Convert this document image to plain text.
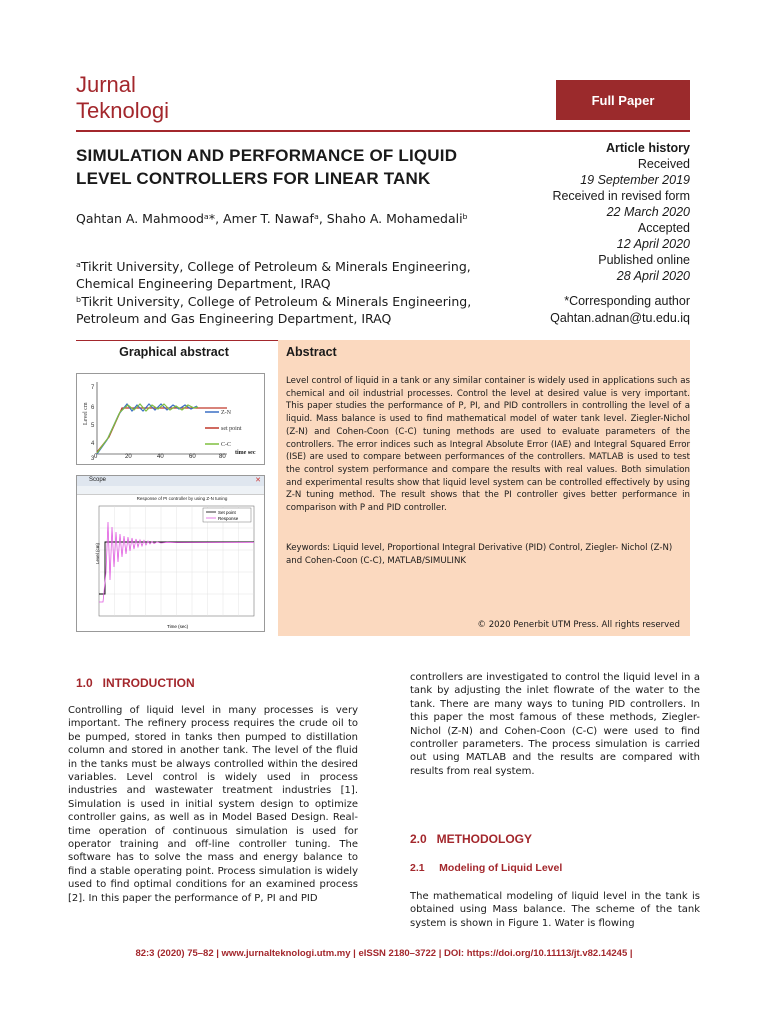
Jurnal
Teknologi	Full Paper
SIMULATION AND PERFORMANCE OF LIQUID LEVEL CONTROLLERS FOR LINEAR TANK
Qahtan A. Mahmoodᵃ*, Amer T. Nawafᵃ, Shaho A. Mohamedaliᵇ
ᵃTikrit University, College of Petroleum & Minerals Engineering, Chemical Engineering Department, IRAQ
ᵇTikrit University, College of Petroleum & Minerals Engineering, Petroleum and Gas Engineering Department, IRAQ
Article history
Received
19 September 2019
Received in revised form
22 March 2020
Accepted
12 April 2020
Published online
28 April 2020
*Corresponding author
Qahtan.adnan@tu.edu.iq
Graphical abstract
7
6
5
4
3
Level cm	Z-N
set point
C-C
0	20	40	60	80
time sec
Scope	✕
Response of PI controller by using Z-N tuning
Set point
Response
Level (cm)
Time (sec)
Abstract
Level control of liquid in a tank or any similar container is widely used in applications such as chemical and oil industrial processes. Control the level at desired value is very important. This paper studies the performance of P, PI, and PID controllers in controlling the level of a liquid. Mass balance is used to find mathematical model of water tank level. Ziegler-Nichol (Z-N) and Cohen-Coon (C-C) tuning methods are used to evaluate parameters of the controllers. The error indices such as Integral Absolute Error (IAE) and Integral Squared Error (ISE) are used to compare between performances of the controllers. MATLAB is used to test the control system performance and compare the results with real values. Both simulation and experimental results show that liquid level system can be controlled effectively by using Z-N tuning method. The result shows that the PI controller gives better performance in comparison with P and PID controller.
Keywords: Liquid level, Proportional Integral Derivative (PID) Control, Ziegler- Nichol (Z-N) and Cohen-Coon (C-C), MATLAB/SIMULINK
© 2020 Penerbit UTM Press. All rights reserved
1.0   INTRODUCTION
Controlling of liquid level in many processes is very important. The refinery process requires the crude oil to be pumped, stored in tanks then pumped to distillation column and stored in another tank. The level of the fluid in the tanks must be always controlled within the desired variables. Level control is widely used in process industries and wastewater treatment industries [1]. Simulation is used in initial system design to optimize controller gains, as well as in Model Based Design. Real-time operation of continuous simulation is used for operator training and off-line controller tuning. The software has to solve the mass and energy balance to find a stable operating point. Process simulation is widely used to find optimal conditions for an examined process [2]. In this paper the performance of P, PI and PID
controllers are investigated to control the liquid level in a tank by adjusting the inlet flowrate of the water to the tank. There are many ways to tuning PID controllers. In this paper the most famous of these methods, Ziegler-Nichol (Z-N) and Cohen-Coon (C-C) were used to find controller parameters. The process simulation is carried out using MATLAB and the results are compared with results from real system.
2.0   METHODOLOGY
2.1     Modeling of Liquid Level
The mathematical modeling of liquid level in the tank is obtained using Mass balance. The scheme of the tank system is shown in Figure 1. Water is flowing
82:3 (2020) 75–82 | www.jurnalteknologi.utm.my | eISSN 2180–3722 | DOI: https://doi.org/10.11113/jt.v82.14245 |
